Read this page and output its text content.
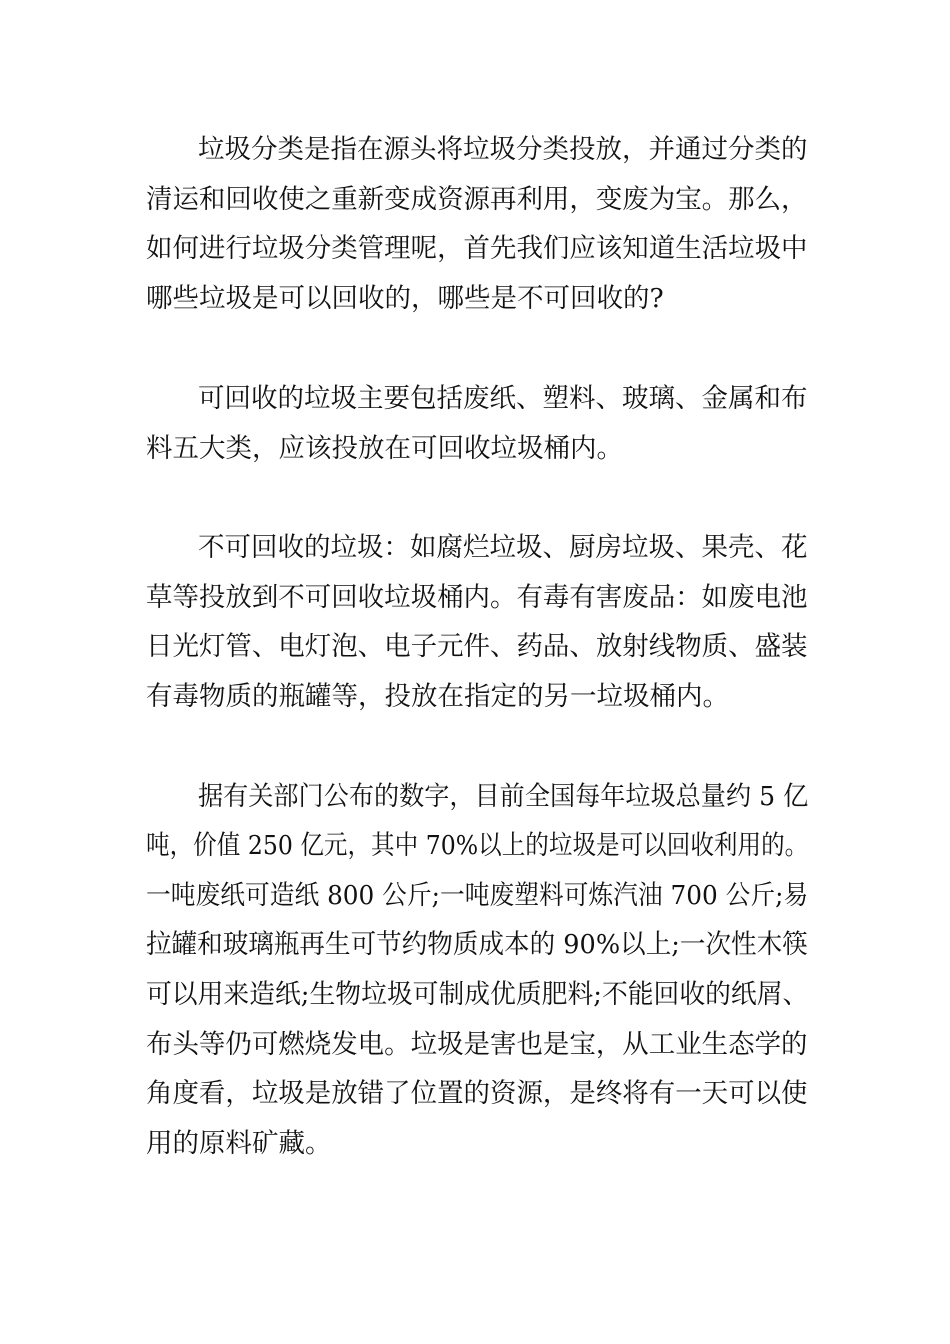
垃圾分类是指在源头将垃圾分类投放，并通过分类的
清运和回收使之重新变成资源再利用，变废为宝。那么，
如何进行垃圾分类管理呢，首先我们应该知道生活垃圾中
哪些垃圾是可以回收的，哪些是不可回收的?
可回收的垃圾主要包括废纸、塑料、玻璃、金属和布
料五大类，应该投放在可回收垃圾桶内。
不可回收的垃圾：如腐烂垃圾、厨房垃圾、果壳、花
草等投放到不可回收垃圾桶内。有毒有害废品：如废电池
日光灯管、电灯泡、电子元件、药品、放射线物质、盛装
有毒物质的瓶罐等，投放在指定的另一垃圾桶内。
据有关部门公布的数字，目前全国每年垃圾总量约 5 亿
吨，价值 250 亿元，其中 70%以上的垃圾是可以回收利用的。
一吨废纸可造纸 800 公斤;一吨废塑料可炼汽油 700 公斤;易
拉罐和玻璃瓶再生可节约物质成本的 90%以上;一次性木筷
可以用来造纸;生物垃圾可制成优质肥料;不能回收的纸屑、
布头等仍可燃烧发电。垃圾是害也是宝，从工业生态学的
角度看，垃圾是放错了位置的资源，是终将有一天可以使
用的原料矿藏。
